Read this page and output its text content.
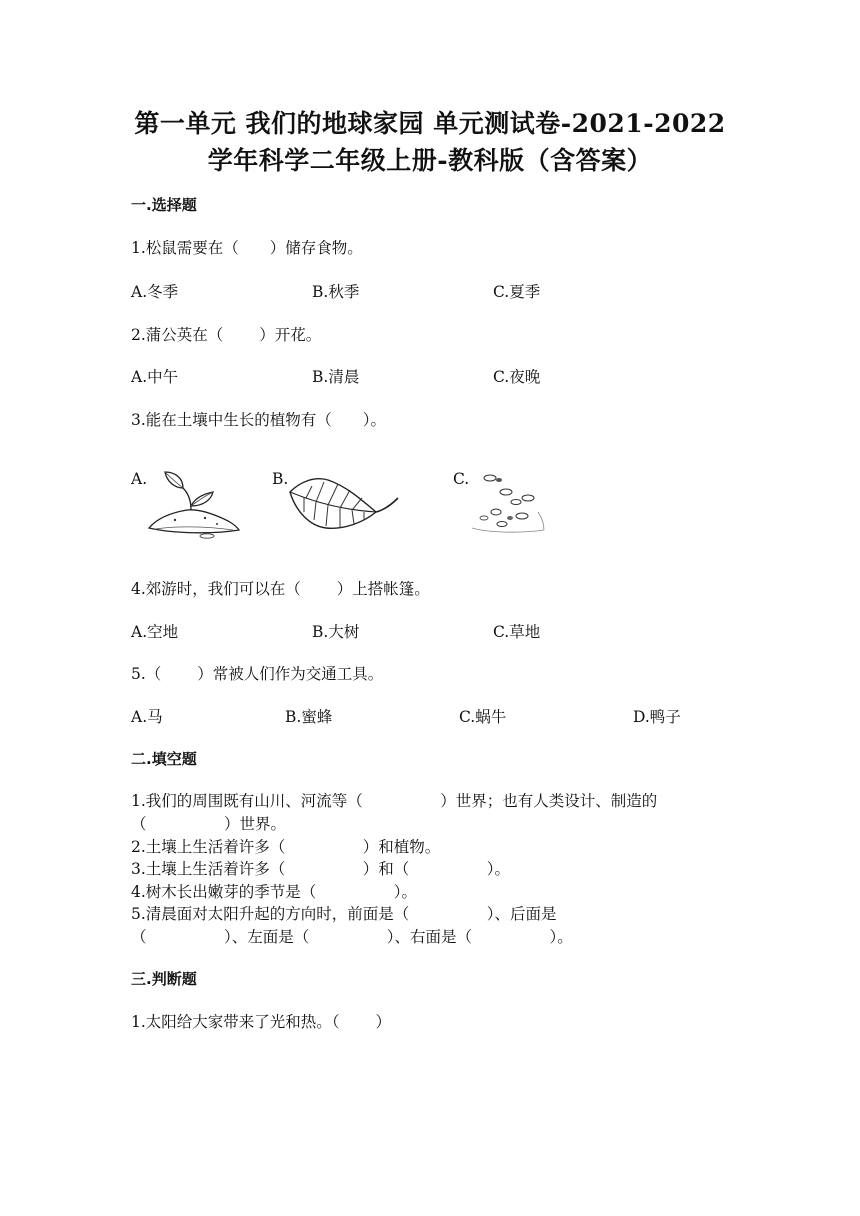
第一单元 我们的地球家园 单元测试卷-2021-2022
学年科学二年级上册-教科版（含答案）
一.选择题
1.松鼠需要在（　　）储存食物。
A.冬季	B.秋季	C.夏季
2.蒲公英在（　　 ）开花。
A.中午	B.清晨	C.夜晚
3.能在土壤中生长的植物有（　　）。
A.	B.	C.
4.郊游时，我们可以在（　　 ）上搭帐篷。
A.空地	B.大树	C.草地
5.（　　 ）常被人们作为交通工具。
A.马	B.蜜蜂	C.蜗牛	D.鸭子
二.填空题
1.我们的周围既有山川、河流等（　　　　　）世界；也有人类设计、制造的
（　　　　　）世界。
2.土壤上生活着许多（　　　　　）和植物。
3.土壤上生活着许多（　　　　　）和（　　　　　）。
4.树木长出嫩芽的季节是（　　　　　）。
5.清晨面对太阳升起的方向时，前面是（　　　　　）、后面是
（　　　　　）、左面是（　　　　　）、右面是（　　　　　）。
三.判断题
1.太阳给大家带来了光和热。（　　 ）
